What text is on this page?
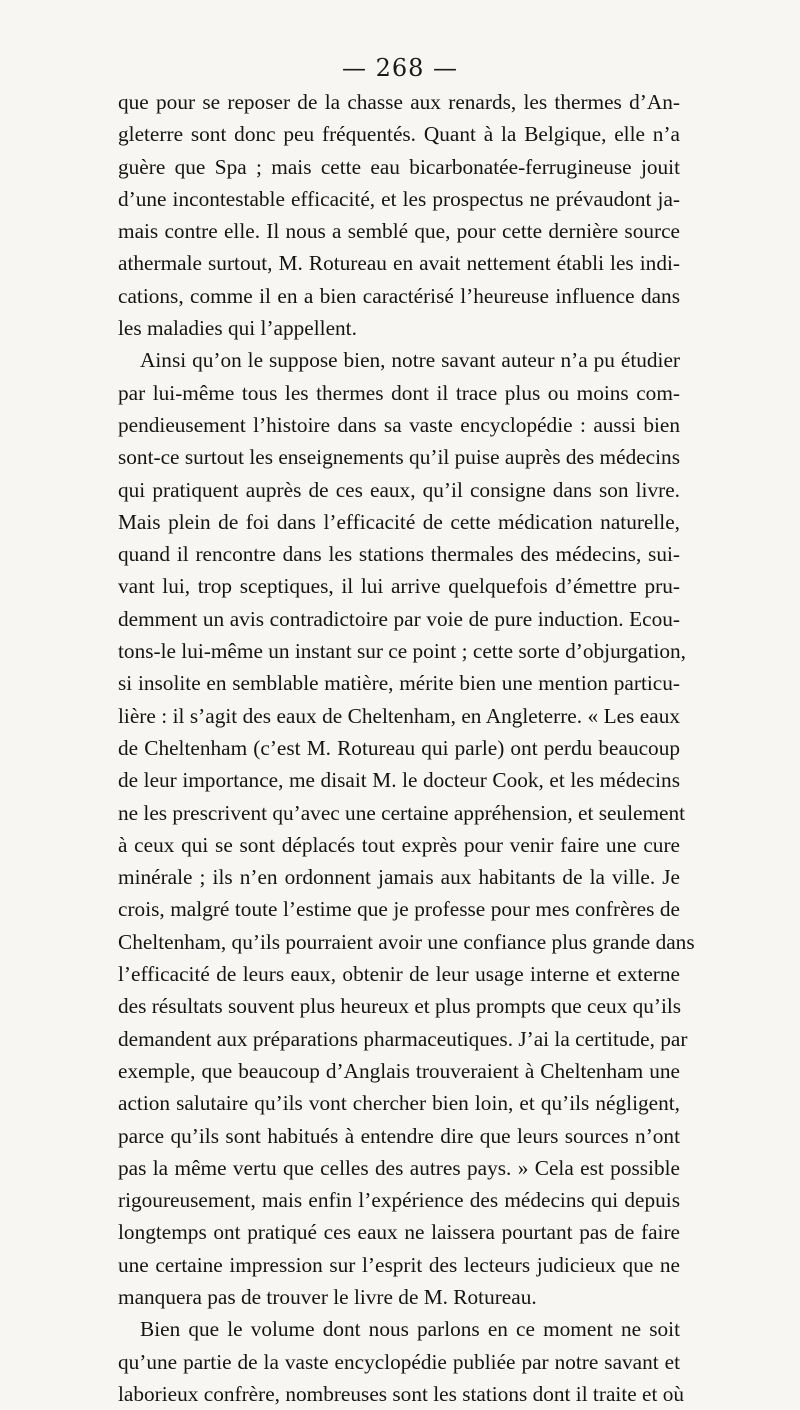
— 268 —
que pour se reposer de la chasse aux renards, les thermes d’An-
gleterre sont donc peu fréquentés. Quant à la Belgique, elle n’a
guère que Spa ; mais cette eau bicarbonatée-ferrugineuse jouit
d’une incontestable efficacité, et les prospectus ne prévaudont ja-
mais contre elle. Il nous a semblé que, pour cette dernière source
athermale surtout, M. Rotureau en avait nettement établi les indi-
cations, comme il en a bien caractérisé l’heureuse influence dans
les maladies qui l’appellent.
Ainsi qu’on le suppose bien, notre savant auteur n’a pu étudier
par lui-même tous les thermes dont il trace plus ou moins com-
pendieusement l’histoire dans sa vaste encyclopédie : aussi bien
sont-ce surtout les enseignements qu’il puise auprès des médecins
qui pratiquent auprès de ces eaux, qu’il consigne dans son livre.
Mais plein de foi dans l’efficacité de cette médication naturelle,
quand il rencontre dans les stations thermales des médecins, sui-
vant lui, trop sceptiques, il lui arrive quelquefois d’émettre pru-
demment un avis contradictoire par voie de pure induction. Ecou-
tons-le lui-même un instant sur ce point ; cette sorte d’objurgation,
si insolite en semblable matière, mérite bien une mention particu-
lière : il s’agit des eaux de Cheltenham, en Angleterre. « Les eaux
de Cheltenham (c’est M. Rotureau qui parle) ont perdu beaucoup
de leur importance, me disait M. le docteur Cook, et les médecins
ne les prescrivent qu’avec une certaine appréhension, et seulement
à ceux qui se sont déplacés tout exprès pour venir faire une cure
minérale ; ils n’en ordonnent jamais aux habitants de la ville. Je
crois, malgré toute l’estime que je professe pour mes confrères de
Cheltenham, qu’ils pourraient avoir une confiance plus grande dans
l’efficacité de leurs eaux, obtenir de leur usage interne et externe
des résultats souvent plus heureux et plus prompts que ceux qu’ils
demandent aux préparations pharmaceutiques. J’ai la certitude, par
exemple, que beaucoup d’Anglais trouveraient à Cheltenham une
action salutaire qu’ils vont chercher bien loin, et qu’ils négligent,
parce qu’ils sont habitués à entendre dire que leurs sources n’ont
pas la même vertu que celles des autres pays. » Cela est possible
rigoureusement, mais enfin l’expérience des médecins qui depuis
longtemps ont pratiqué ces eaux ne laissera pourtant pas de faire
une certaine impression sur l’esprit des lecteurs judicieux que ne
manquera pas de trouver le livre de M. Rotureau.
Bien que le volume dont nous parlons en ce moment ne soit
qu’une partie de la vaste encyclopédie publiée par notre savant et
laborieux confrère, nombreuses sont les stations dont il traite et où
